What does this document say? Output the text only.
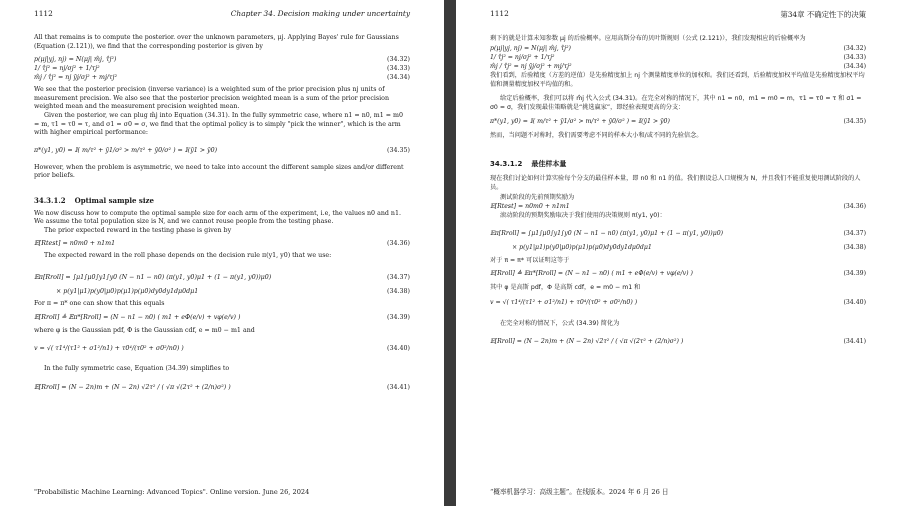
1112	Chapter 34. Decision making under uncertainty

All that remains is to compute the posterior. over the unknown parameters, μj. Applying Bayes' rule for Gaussians (Equation (2.121)), we find that the corresponding posterior is given by

p(μj|yj, nj) = N(μj| m̂j, τ̂j²)	( 34.32 )
1/ τ̂j² = nj/σj² + 1/τj²	( 34.33 )
m̂j / τ̂j² = nj ȳj/σj² + mj/τj²	( 34.34 )

We see that the posterior precision (inverse variance) is a weighted sum of the prior precision plus nj units of measurement precision. We also see that the posterior precision weighted mean is a sum of the prior precision weighted mean and the measurement precision weighted mean.

Given the posterior, we can plug m̂j into Equation (34.31). In the fully symmetric case, where n1 = n0, m1 = m0 = m, τ1 = τ0 = τ, and σ1 = σ0 = σ, we find that the optimal policy is to simply "pick the winner", which is the arm with higher empirical performance:

π*(y1, y0) = 𝕀( m/τ² + ȳ1/σ² > m/τ² + ȳ0/σ² ) = 𝕀(ȳ1 > ȳ0)	( 34.35 )

However, when the problem is asymmetric, we need to take into account the different sample sizes and/or different prior beliefs.

34.3.1.2 Optimal sample size

We now discuss how to compute the optimal sample size for each arm of the experiment, i.e, the values n0 and n1. We assume the total population size is N, and we cannot reuse people from the testing phase.

The prior expected reward in the testing phase is given by

𝔼[Rtest] = n0m0 + n1m1	( 34.36 )

The expected reward in the roll phase depends on the decision rule π(y1, y0) that we use:

𝔼π[Rroll] = ∫μ1∫μ0∫y1∫y0 (N − n1 − n0) (π(y1, y0)μ1 + (1 − π(y1, y0))μ0)	( 34.37 )
× p(y1|μ1)p(y0|μ0)p(μ1)p(μ0)dy0dy1dμ0dμ1	( 34.38 )

For π = π* one can show that this equals

𝔼[Rroll] ≜ 𝔼π*[Rroll] = (N − n1 − n0) ( m1 + eΦ(e/v) + vφ(e/v) )	( 34.39 )

where φ is the Gaussian pdf, Φ is the Gaussian cdf, e = m0 − m1 and

v = √( τ1⁴/(τ1² + σ1²/n1) + τ0⁴/(τ0² + σ0²/n0) )	( 34.40 )

In the fully symmetric case, Equation (34.39) simplifies to

𝔼[Rroll] = (N − 2n)m + (N − 2n) √2τ² / ( √π √(2τ² + (2/n)σ²) )	( 34.41 )
"Probabilistic Machine Learning: Advanced Topics". Online version. June 26, 2024
1112	第34章 不确定性下的决策

剩下的就是计算未知参数 μj 的后验概率。应用高斯分布的贝叶斯规则（公式 (2.121)），我们发现相应的后验概率为

p(μj|yj, nj) = N(μj| m̂j, τ̂j²)	( 34.32 )
1/ τ̂j² = nj/σj² + 1/τj²	( 34.33 )
m̂j / τ̂j² = nj ȳj/σj² + mj/τj²	( 34.34 )

我们看到，后验精度（方差的逆值）是先验精度加上 nj 个测量精度单位的加权和。我们还看到，后验精度加权平均值是先验精度加权平均值和测量精度加权平均值的和。

给定后验概率，我们可以将 m̂j 代入公式 (34.31)。在完全对称的情况下，其中 n1 = n0，m1 = m0 = m，τ1 = τ0 = τ 和 σ1 = σ0 = σ，我们发现最佳策略就是“挑选赢家”，即经验表现更高的分支：

π*(y1, y0) = 𝕀( m/τ² + ȳ1/σ² > m/τ² + ȳ0/σ² ) = 𝕀(ȳ1 > ȳ0)	( 34.35 )

然而，当问题不对称时，我们需要考虑不同的样本大小和/或不同的先验信念。

34.3.1.2 最佳样本量

现在我们讨论如何计算实验每个分支的最佳样本量，即 n0 和 n1 的值。我们假设总人口规模为 N，并且我们不能重复使用测试阶段的人员。

测试阶段的先前预期奖励为

𝔼[Rtest] = n0m0 + n1m1	( 34.36 )

滚动阶段的预期奖励取决于我们使用的决策规则 π(y1, y0)：

𝔼π[Rroll] = ∫μ1∫μ0∫y1∫y0 (N − n1 − n0) (π(y1, y0)μ1 + (1 − π(y1, y0))μ0)	( 34.37 )
× p(y1|μ1)p(y0|μ0)p(μ1)p(μ0)dy0dy1dμ0dμ1	( 34.38 )

对于 π = π* 可以证明这等于

𝔼[Rroll] ≜ 𝔼π*[Rroll] = (N − n1 − n0) ( m1 + eΦ(e/v) + vφ(e/v) )	( 34.39 )

其中 φ 是高斯 pdf，Φ 是高斯 cdf，e = m0 − m1 和

v = √( τ1⁴/(τ1² + σ1²/n1) + τ0⁴/(τ0² + σ0²/n0) )	( 34.40 )

在完全对称的情况下，公式 (34.39) 简化为

𝔼[Rroll] = (N − 2n)m + (N − 2n) √2τ² / ( √π √(2τ² + (2/n)σ²) )	( 34.41 )
“概率机器学习：高级主题”。在线版本。2024 年 6 月 26 日
